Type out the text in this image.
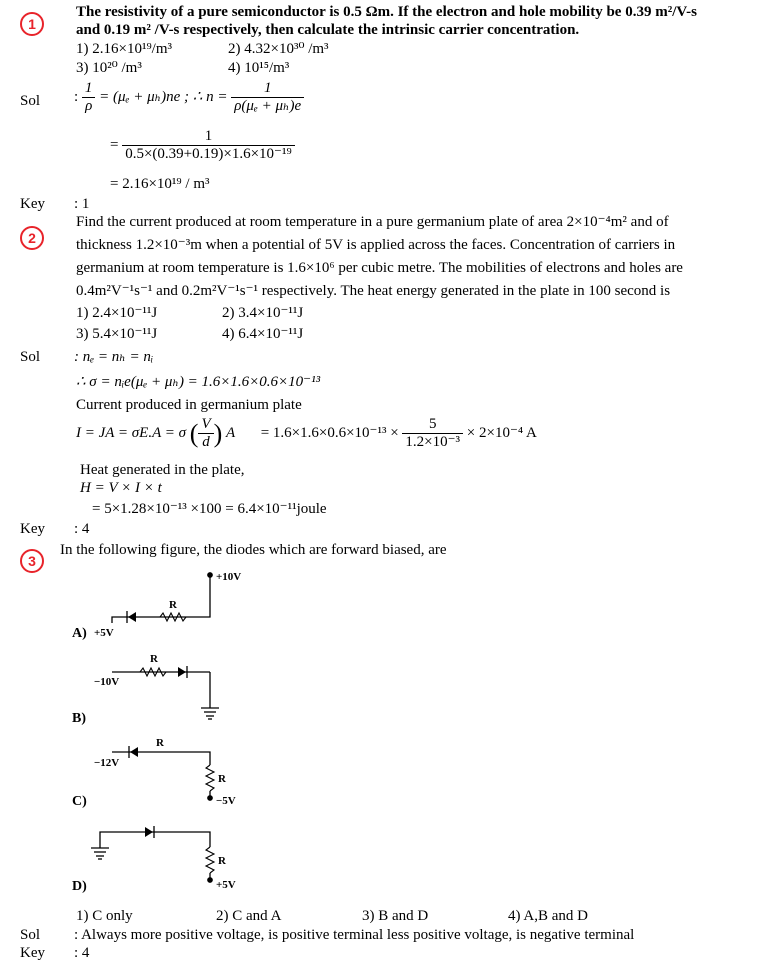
1
The resistivity of a pure semiconductor is 0.5 Ωm. If the electron and hole mobility be 0.39 m²/V-s
and 0.19 m² /V-s respectively, then calculate the intrinsic carrier concentration.
1) 2.16×10¹⁹/m³	2) 4.32×10³⁰ /m³
3) 10²⁰ /m³	4) 10¹⁵/m³
Sol : $\frac{1}{\rho} = (\mu_e + \mu_h)ne$ ; ∴ $n = \frac{1}{\text{ρ(μₑ + μₕ)e}}$
= $\frac{1}{\text{0.5×(0.39+0.19)×1.6×10⁻¹⁹}}$
= 2.16×10¹⁹ / m³
Key : 1
2
Find the current produced at room temperature in a pure germanium plate of area 2×10⁻⁴m² and of
thickness 1.2×10⁻³m when a potential of 5V is applied across the faces. Concentration of carriers in
germanium at room temperature is 1.6×10⁶ per cubic metre. The mobilities of electrons and holes are
0.4m²V⁻¹s⁻¹ and 0.2m²V⁻¹s⁻¹ respectively. The heat energy generated in the plate in 100 second is
1) 2.4×10⁻¹¹J	2) 3.4×10⁻¹¹J
3) 5.4×10⁻¹¹J	4) 6.4×10⁻¹¹J
Sol : nₑ = nₕ = nᵢ
∴ σ = nᵢe(μₑ + μₕ) = 1.6×1.6×0.6×10⁻¹³
Current produced in germanium plate
I = JA = σE.A = σ ( $\frac{V}{d}$ ) $A = 1.6\times 1.6\times 0.6\times 10^{-13} \times \frac{5}{\text{1.2×10⁻³}} \times 2\times 10^{-4}$ A
Heat generated in the plate,
H = V × I × t
= 5×1.28×10⁻¹³ ×100 = 6.4×10⁻¹¹joule
Key : 4
3
In the following figure, the diodes which are forward biased, are
A) +5V
+10V
R
−10V
R
B)
−12V
R
R
−5V
C)
R
+5V
D)
1) C only	2) C and A	3) B and D	4) A,B and D
Sol : Always more positive voltage, is positive terminal less positive voltage, is negative terminal
Key : 4
